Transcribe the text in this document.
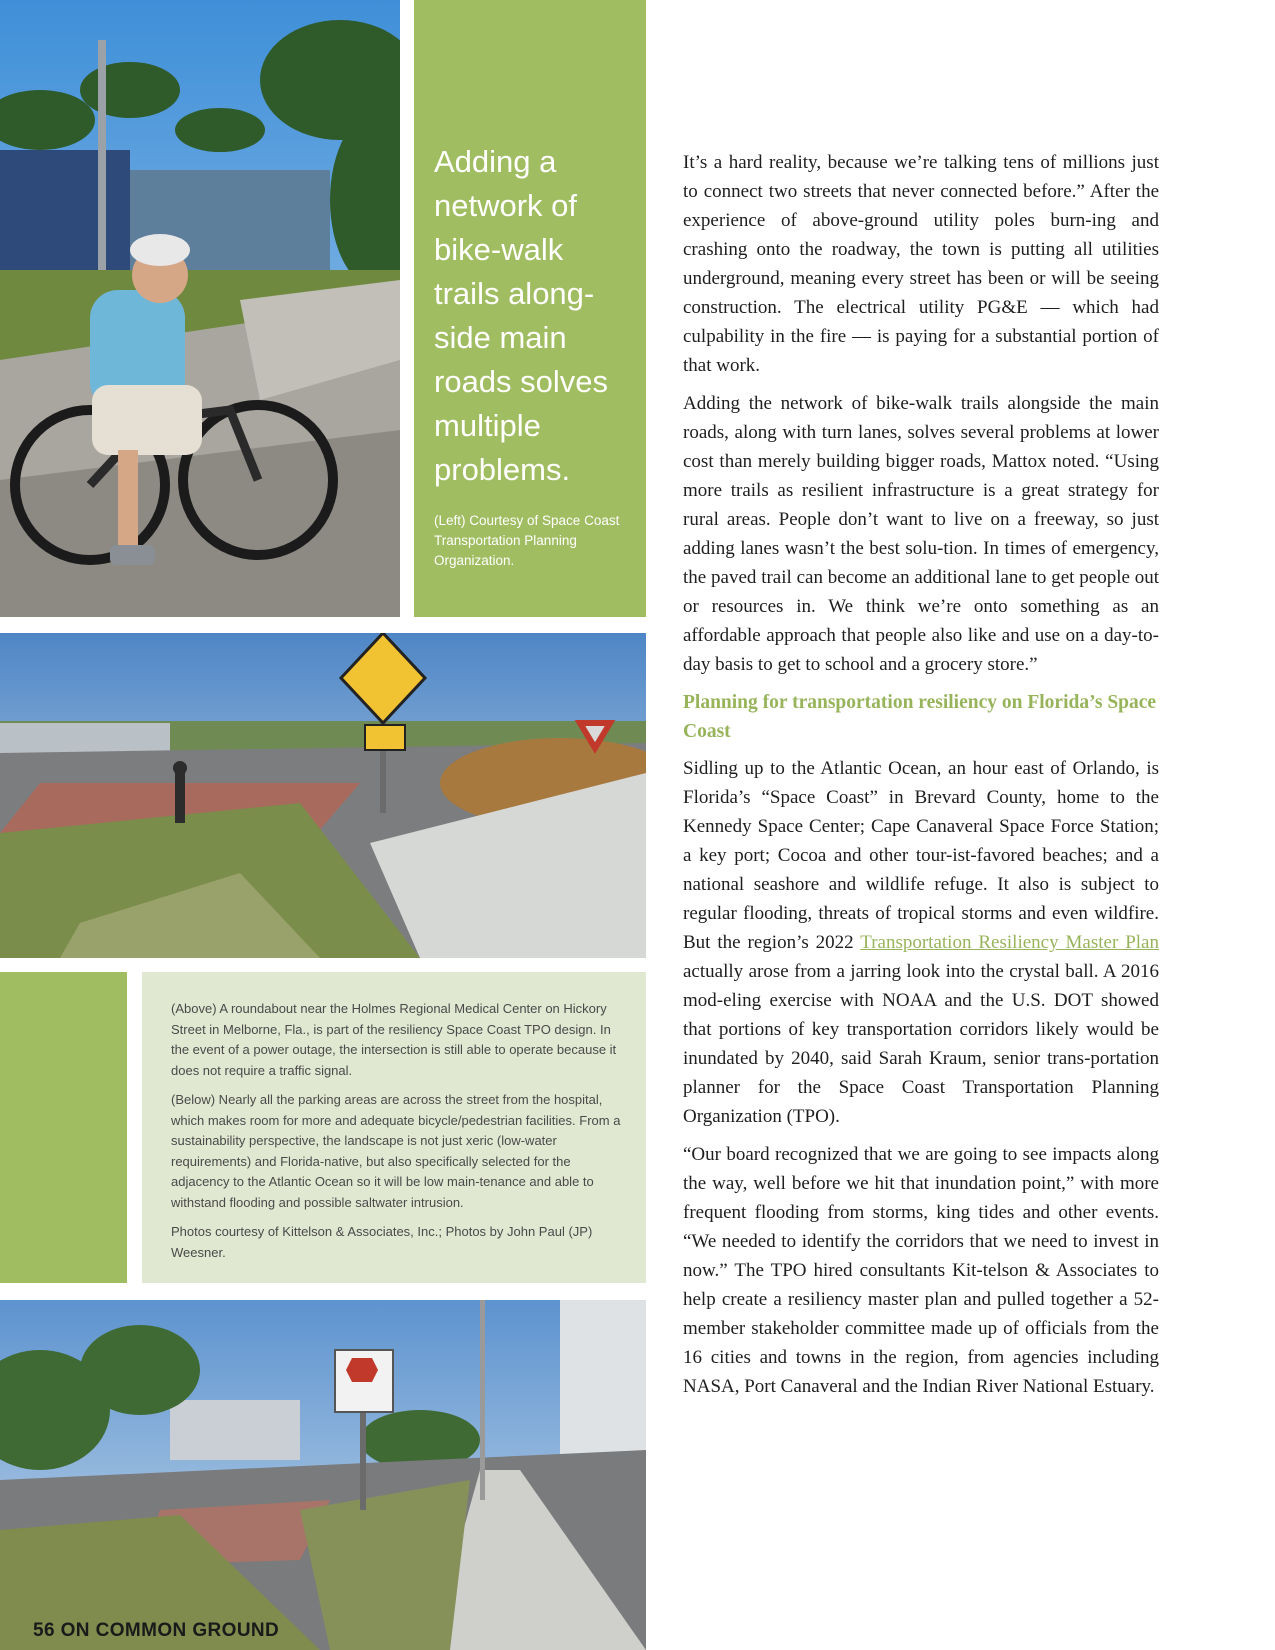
Adding a network of bike-walk trails along-side main roads solves multiple problems.
(Left) Courtesy of Space Coast Transportation Planning Organization.

(Above) A roundabout near the Holmes Regional Medical Center on Hickory Street in Melborne, Fla., is part of the resiliency Space Coast TPO design. In the event of a power outage, the intersection is still able to operate because it does not require a traffic signal.

(Below) Nearly all the parking areas are across the street from the hospital, which makes room for more and adequate bicycle/pedestrian facilities. From a sustainability perspective, the landscape is not just xeric (low-water requirements) and Florida-native, but also specifically selected for the adjacency to the Atlantic Ocean so it will be low main-tenance and able to withstand flooding and possible saltwater intrusion.

Photos courtesy of Kittelson & Associates, Inc.; Photos by John Paul (JP) Weesner.

It’s a hard reality, because we’re talking tens of millions just to connect two streets that never connected before.” After the experience of above-ground utility poles burn-ing and crashing onto the roadway, the town is putting all utilities underground, meaning every street has been or will be seeing construction. The electrical utility PG&E — which had culpability in the fire — is paying for a substantial portion of that work.

Adding the network of bike-walk trails alongside the main roads, along with turn lanes, solves several problems at lower cost than merely building bigger roads, Mattox noted. “Using more trails as resilient infrastructure is a great strategy for rural areas. People don’t want to live on a freeway, so just adding lanes wasn’t the best solu-tion. In times of emergency, the paved trail can become an additional lane to get people out or resources in. We think we’re onto something as an affordable approach that people also like and use on a day-to-day basis to get to school and a grocery store.”

Planning for transportation resiliency on Florida’s Space Coast

Sidling up to the Atlantic Ocean, an hour east of Orlando, is Florida’s “Space Coast” in Brevard County, home to the Kennedy Space Center; Cape Canaveral Space Force Station; a key port; Cocoa and other tour-ist-favored beaches; and a national seashore and wildlife refuge. It also is subject to regular flooding, threats of tropical storms and even wildfire. But the region’s 2022 Transportation Resiliency Master Plan actually arose from a jarring look into the crystal ball. A 2016 mod-eling exercise with NOAA and the U.S. DOT showed that portions of key transportation corridors likely would be inundated by 2040, said Sarah Kraum, senior trans-portation planner for the Space Coast Transportation Planning Organization (TPO).

“Our board recognized that we are going to see impacts along the way, well before we hit that inundation point,” with more frequent flooding from storms, king tides and other events. “We needed to identify the corridors that we need to invest in now.” The TPO hired consultants Kit-telson & Associates to help create a resiliency master plan and pulled together a 52-member stakeholder committee made up of officials from the 16 cities and towns in the region, from agencies including NASA, Port Canaveral and the Indian River National Estuary.

56 ON COMMON GROUND
